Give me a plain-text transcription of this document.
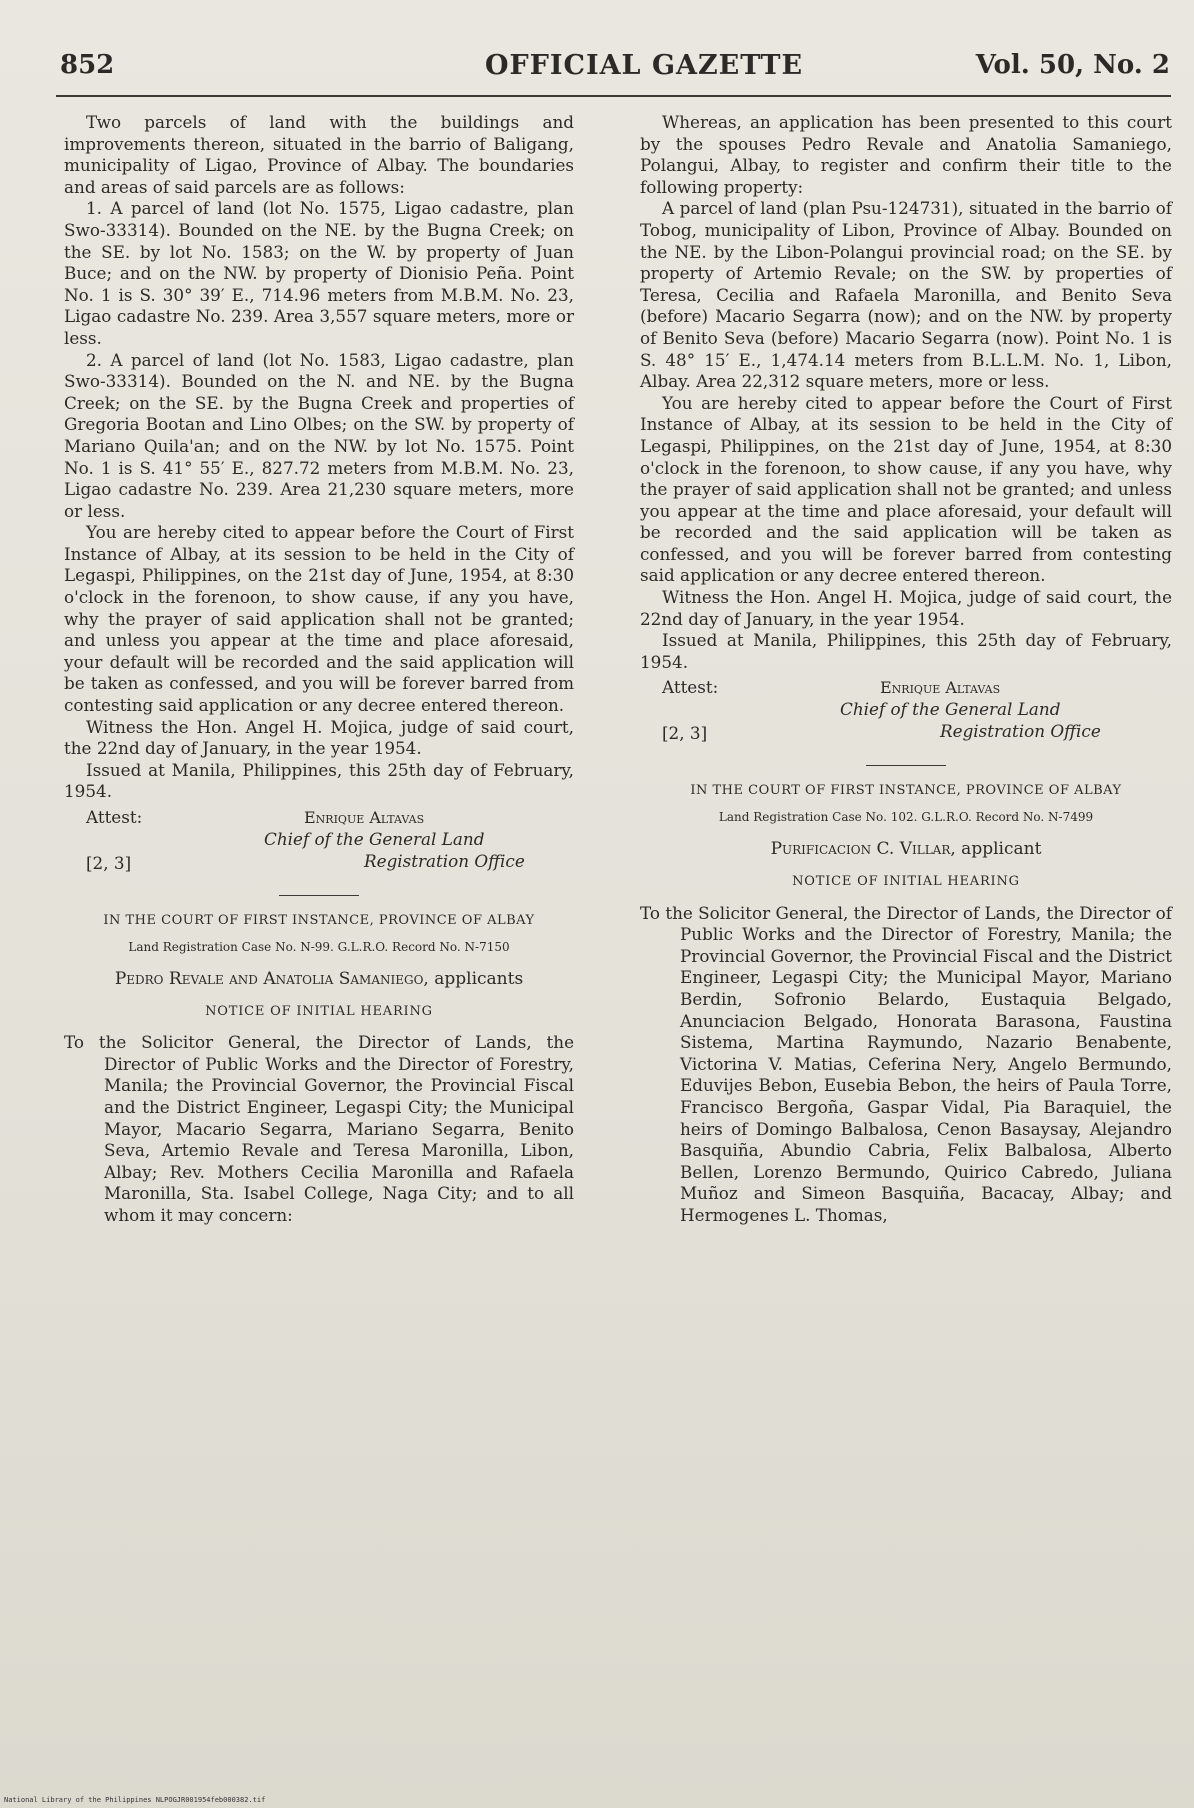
852	OFFICIAL GAZETTE	Vol. 50, No. 2

Two parcels of land with the buildings and improvements thereon, situated in the barrio of Baligang, municipality of Ligao, Province of Albay. The boundaries and areas of said parcels are as follows:

1. A parcel of land (lot No. 1575, Ligao cadastre, plan Swo-33314). Bounded on the NE. by the Bugna Creek; on the SE. by lot No. 1583; on the W. by property of Juan Buce; and on the NW. by property of Dionisio Peña. Point No. 1 is S. 30° 39′ E., 714.96 meters from M.B.M. No. 23, Ligao cadastre No. 239. Area 3,557 square meters, more or less.

2. A parcel of land (lot No. 1583, Ligao cadastre, plan Swo-33314). Bounded on the N. and NE. by the Bugna Creek; on the SE. by the Bugna Creek and properties of Gregoria Bootan and Lino Olbes; on the SW. by property of Mariano Quila'an; and on the NW. by lot No. 1575. Point No. 1 is S. 41° 55′ E., 827.72 meters from M.B.M. No. 23, Ligao cadastre No. 239. Area 21,230 square meters, more or less.

You are hereby cited to appear before the Court of First Instance of Albay, at its session to be held in the City of Legaspi, Philippines, on the 21st day of June, 1954, at 8:30 o'clock in the forenoon, to show cause, if any you have, why the prayer of said application shall not be granted; and unless you appear at the time and place aforesaid, your default will be recorded and the said application will be taken as confessed, and you will be forever barred from contesting said application or any decree entered thereon.

Witness the Hon. Angel H. Mojica, judge of said court, the 22nd day of January, in the year 1954.

Issued at Manila, Philippines, this 25th day of February, 1954.

Attest:	Enrique Altavas
Chief of the General Land
[2, 3]	Registration Office
IN THE COURT OF FIRST INSTANCE, PROVINCE OF ALBAY
Land Registration Case No. N-99. G.L.R.O. Record No. N-7150
Pedro Revale and Anatolia Samaniego, applicants
NOTICE OF INITIAL HEARING

To the Solicitor General, the Director of Lands, the Director of Public Works and the Director of Forestry, Manila; the Provincial Governor, the Provincial Fiscal and the District Engineer, Legaspi City; the Municipal Mayor, Macario Segarra, Mariano Segarra, Benito Seva, Artemio Revale and Teresa Maronilla, Libon, Albay; Rev. Mothers Cecilia Maronilla and Rafaela Maronilla, Sta. Isabel College, Naga City; and to all whom it may concern:

Whereas, an application has been presented to this court by the spouses Pedro Revale and Anatolia Samaniego, Polangui, Albay, to register and confirm their title to the following property:

A parcel of land (plan Psu-124731), situated in the barrio of Tobog, municipality of Libon, Province of Albay. Bounded on the NE. by the Libon-Polangui provincial road; on the SE. by property of Artemio Revale; on the SW. by properties of Teresa, Cecilia and Rafaela Maronilla, and Benito Seva (before) Macario Segarra (now); and on the NW. by property of Benito Seva (before) Macario Segarra (now). Point No. 1 is S. 48° 15′ E., 1,474.14 meters from B.L.L.M. No. 1, Libon, Albay. Area 22,312 square meters, more or less.

You are hereby cited to appear before the Court of First Instance of Albay, at its session to be held in the City of Legaspi, Philippines, on the 21st day of June, 1954, at 8:30 o'clock in the forenoon, to show cause, if any you have, why the prayer of said application shall not be granted; and unless you appear at the time and place aforesaid, your default will be recorded and the said application will be taken as confessed, and you will be forever barred from contesting said application or any decree entered thereon.

Witness the Hon. Angel H. Mojica, judge of said court, the 22nd day of January, in the year 1954.

Issued at Manila, Philippines, this 25th day of February, 1954.

Attest:	Enrique Altavas
Chief of the General Land
[2, 3]	Registration Office
IN THE COURT OF FIRST INSTANCE, PROVINCE OF ALBAY
Land Registration Case No. 102. G.L.R.O. Record No. N-7499
Purificacion C. Villar, applicant
NOTICE OF INITIAL HEARING

To the Solicitor General, the Director of Lands, the Director of Public Works and the Director of Forestry, Manila; the Provincial Governor, the Provincial Fiscal and the District Engineer, Legaspi City; the Municipal Mayor, Mariano Berdin, Sofronio Belardo, Eustaquia Belgado, Anunciacion Belgado, Honorata Barasona, Faustina Sistema, Martina Raymundo, Nazario Benabente, Victorina V. Matias, Ceferina Nery, Angelo Bermundo, Eduvijes Bebon, Eusebia Bebon, the heirs of Paula Torre, Francisco Bergoña, Gaspar Vidal, Pia Baraquiel, the heirs of Domingo Balbalosa, Cenon Basaysay, Alejandro Basquiña, Abundio Cabria, Felix Balbalosa, Alberto Bellen, Lorenzo Bermundo, Quirico Cabredo, Juliana Muñoz and Simeon Basquiña, Bacacay, Albay; and Hermogenes L. Thomas,

National Library of the Philippines NLPOGJR001954feb000382.tif
